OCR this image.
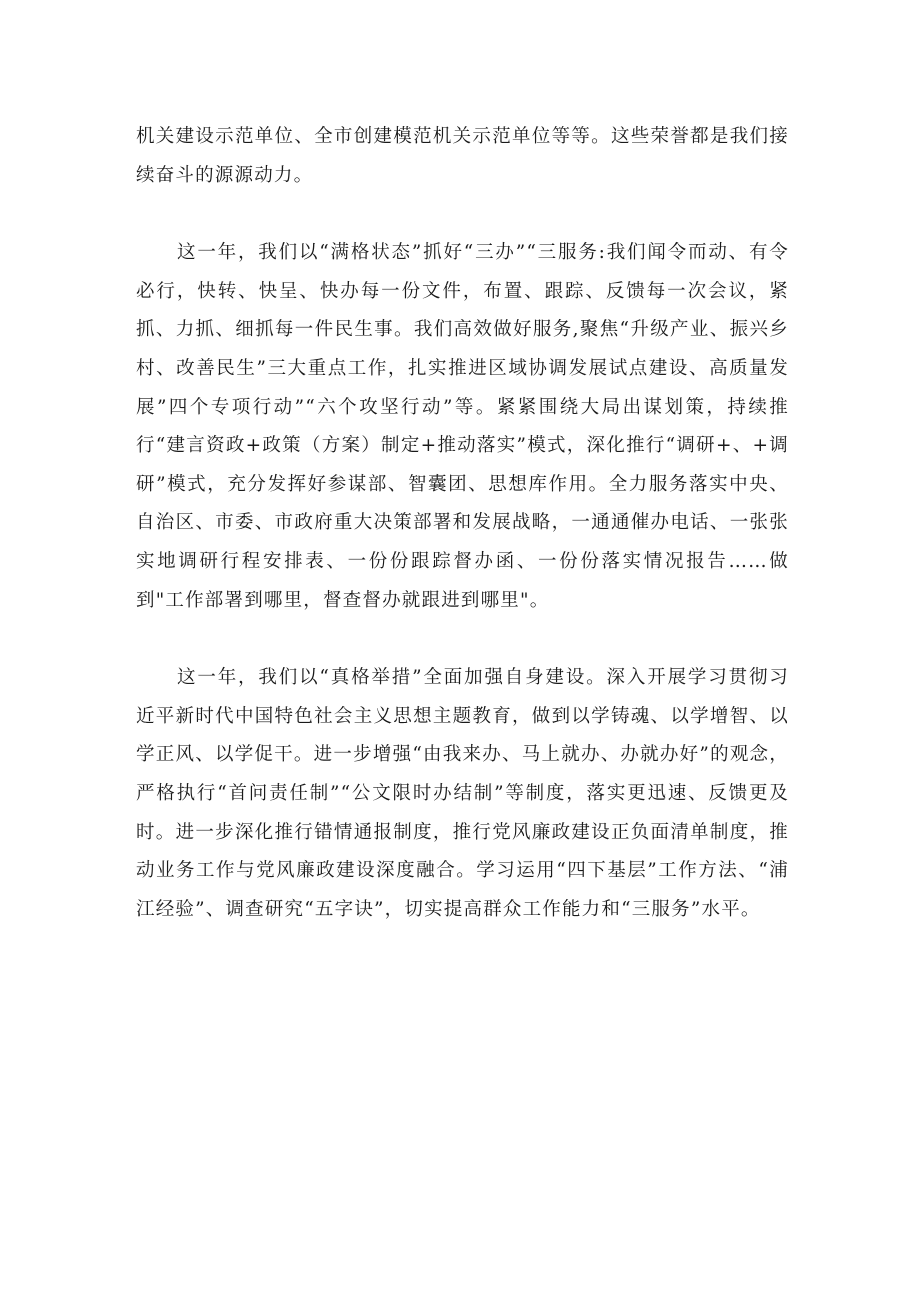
机关建设示范单位、全市创建模范机关示范单位等等。这些荣誉都是我们接续奋斗的源源动力。

这一年，我们以“满格状态”抓好“三办”“三服务:我们闻令而动、有令必行，快转、快呈、快办每一份文件，布置、跟踪、反馈每一次会议，紧抓、力抓、细抓每一件民生事。我们高效做好服务,聚焦“升级产业、振兴乡村、改善民生”三大重点工作，扎实推进区域协调发展试点建设、高质量发展”四个专项行动”“六个攻坚行动”等。紧紧围绕大局出谋划策，持续推行“建言资政+政策（方案）制定+推动落实”模式，深化推行“调研+、+调研”模式，充分发挥好参谋部、智囊团、思想库作用。全力服务落实中央、自治区、市委、市政府重大决策部署和发展战略，一通通催办电话、一张张实地调研行程安排表、一份份跟踪督办函、一份份落实情况报告……做到"工作部署到哪里，督查督办就跟进到哪里"。

这一年，我们以“真格举措”全面加强自身建设。深入开展学习贯彻习近平新时代中国特色社会主义思想主题教育，做到以学铸魂、以学增智、以学正风、以学促干。进一步增强“由我来办、马上就办、办就办好”的观念，严格执行“首问责任制”“公文限时办结制”等制度，落实更迅速、反馈更及时。进一步深化推行错情通报制度，推行党风廉政建设正负面清单制度，推动业务工作与党风廉政建设深度融合。学习运用“四下基层”工作方法、“浦江经验”、调查研究“五字诀”，切实提高群众工作能力和“三服务”水平。
